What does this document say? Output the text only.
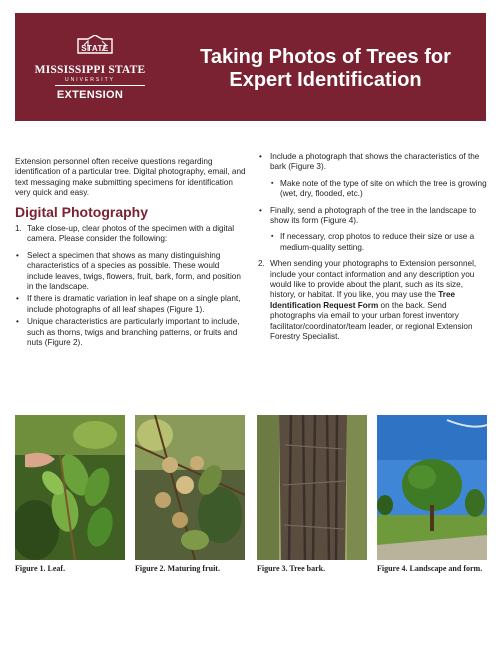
STATE
MISSISSIPPI STATE
UNIVERSITY
EXTENSION
Taking Photos of Trees for
Expert Identification

Extension personnel often receive questions regarding identification of a particular tree. Digital photography, email, and text messaging make submitting specimens for identification very quick and easy.

Digital Photography
1. Take close-up, clear photos of the specimen with a digital camera. Please consider the following:
• Select a specimen that shows as many distinguishing characteristics of a species as possible. These would include leaves, twigs, flowers, fruit, bark, form, and position in the landscape.
• If there is dramatic variation in leaf shape on a single plant, include photographs of all leaf shapes (Figure 1).
• Unique characteristics are particularly important to include, such as thorns, twigs and branching patterns, or fruits and nuts (Figure 2).
• Include a photograph that shows the characteristics of the bark (Figure 3).
▪ Make note of the type of site on which the tree is growing (wet, dry, flooded, etc.)
• Finally, send a photograph of the tree in the landscape to show its form (Figure 4).
▪ If necessary, crop photos to reduce their size or use a medium-quality setting.
2. When sending your photographs to Extension personnel, include your contact information and any description you would like to provide about the plant, such as its size, history, or habitat. If you like, you may use the Tree Identification Request Form on the back. Send photographs via email to your urban forest inventory facilitator/coordinator/team leader, or regional Extension Forestry Specialist.
Figure 1. Leaf.	Figure 2. Maturing fruit.	Figure 3. Tree bark.	Figure 4. Landscape and form.
